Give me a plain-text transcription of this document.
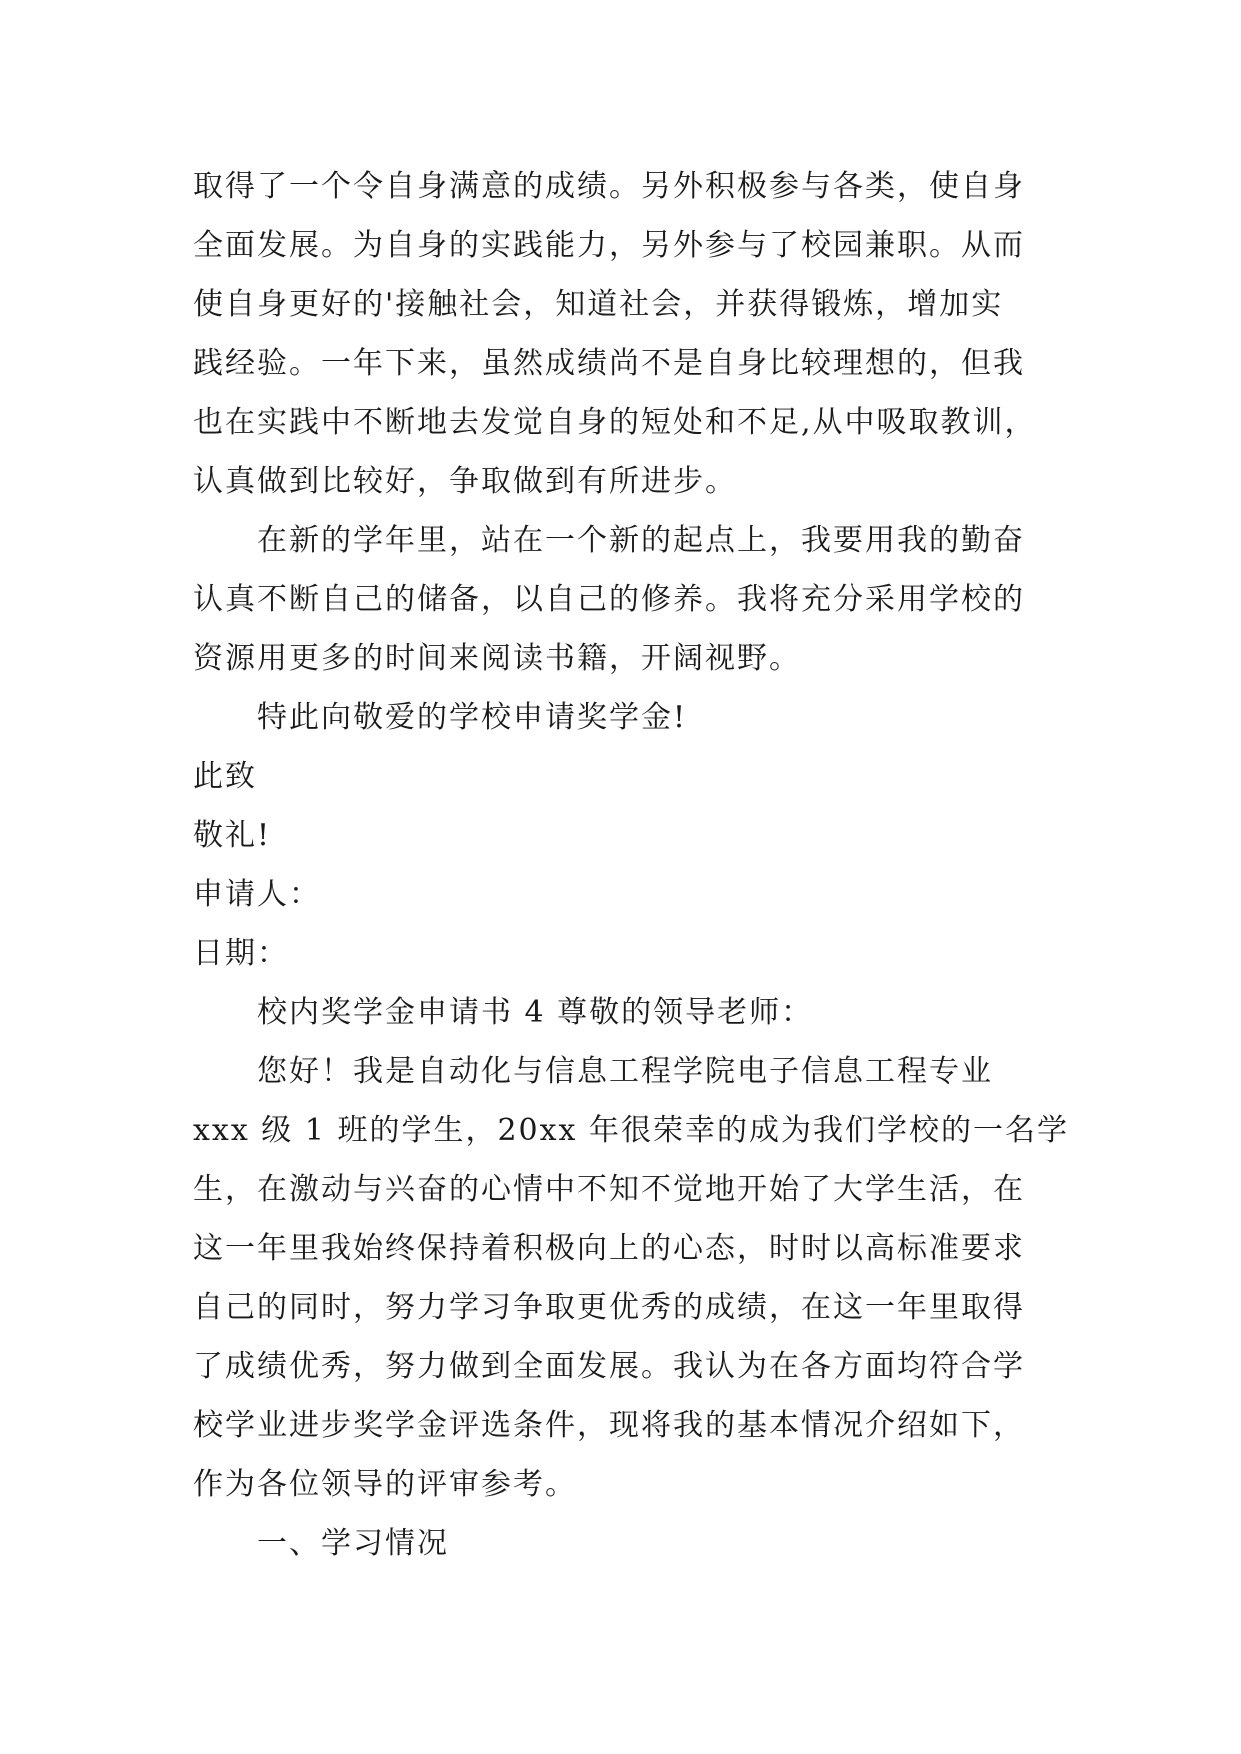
取得了一个令自身满意的成绩。另外积极参与各类，使自身
全面发展。为自身的实践能力，另外参与了校园兼职。从而
使自身更好的'接触社会，知道社会，并获得锻炼，增加实
践经验。一年下来，虽然成绩尚不是自身比较理想的，但我
也在实践中不断地去发觉自身的短处和不足,从中吸取教训，
认真做到比较好，争取做到有所进步。
在新的学年里，站在一个新的起点上，我要用我的勤奋
认真不断自己的储备，以自己的修养。我将充分采用学校的
资源用更多的时间来阅读书籍，开阔视野。
特此向敬爱的学校申请奖学金!
此致
敬礼!
申请人：
日期：
校内奖学金申请书 4 尊敬的领导老师：
您好！我是自动化与信息工程学院电子信息工程专业
xxx 级 1 班的学生，20xx 年很荣幸的成为我们学校的一名学
生，在激动与兴奋的心情中不知不觉地开始了大学生活，在
这一年里我始终保持着积极向上的心态，时时以高标准要求
自己的同时，努力学习争取更优秀的成绩，在这一年里取得
了成绩优秀，努力做到全面发展。我认为在各方面均符合学
校学业进步奖学金评选条件，现将我的基本情况介绍如下，
作为各位领导的评审参考。
一、学习情况
